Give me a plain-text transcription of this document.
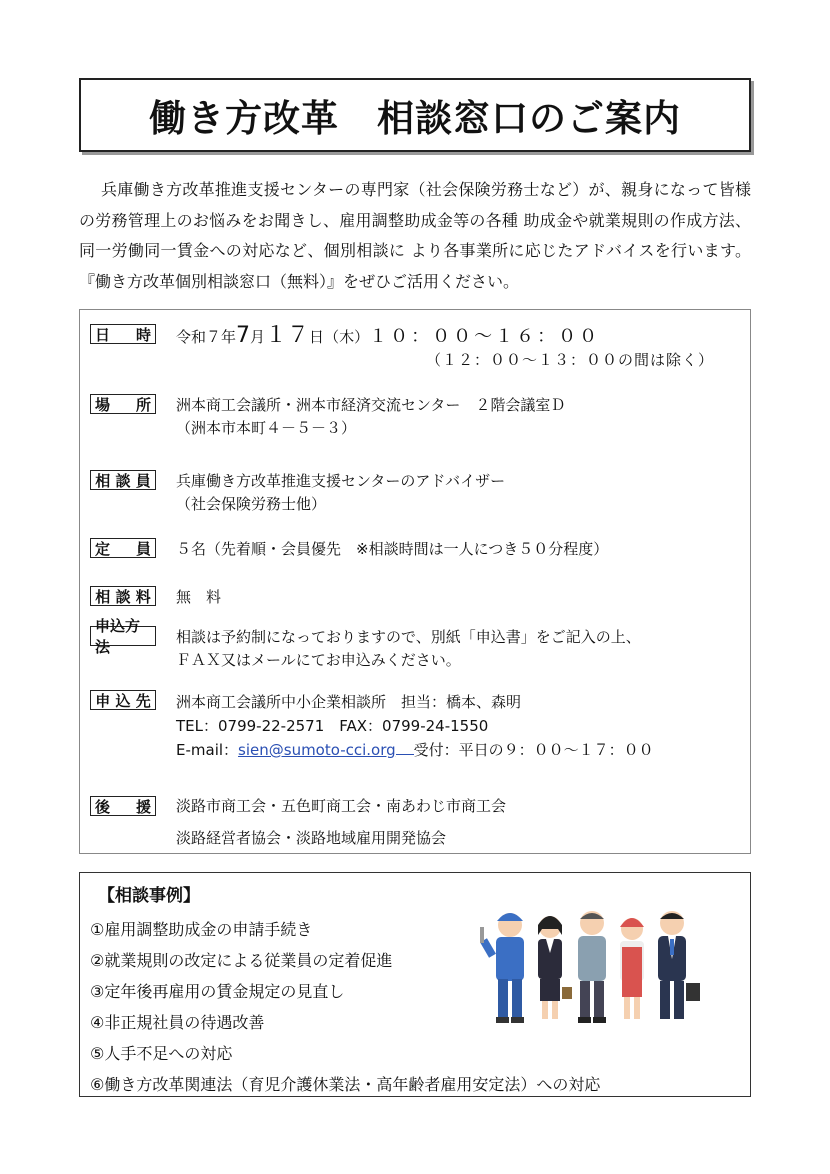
働き方改革　相談窓口のご案内
兵庫働き方改革推進支援センターの専門家（社会保険労務士など）が、親身になって皆様の労務管理上のお悩みをお聞きし、雇用調整助成金等の各種 助成金や就業規則の作成方法、同一労働同一賃金への対応など、個別相談に より各事業所に応じたアドバイスを行います。『働き方改革個別相談窓口（無料）』をぜひご活用ください。
日 時 令和７年7月１７日（木）１０：００～１６：００
（１２：００～１３：００の間は除く）
場 所 洲本商工会議所・洲本市経済交流センター　２階会議室Ｄ
（洲本市本町４－５－３）
相 談 員	兵庫働き方改革推進支援センターのアドバイザー
（社会保険労務士他）
定 員 ５名（先着順・会員優先　※相談時間は一人につき５０分程度）
相 談 料	無　料
申込方法
相談は予約制になっておりますので、別紙「申込書」をご記入の上、
ＦＡＸ又はメールにてお申込みください。
申 込 先	洲本商工会議所中小企業相談所　担当：橋本、森明
TEL：0799-22-2571　FAX：0799-24-1550
E-mail：sien@sumoto-cci.org 受付：平日の９：００～１７：００
後 援 淡路市商工会・五色町商工会・南あわじ市商工会
淡路経営者協会・淡路地域雇用開発協会
【相談事例】
①雇用調整助成金の申請手続き
②就業規則の改定による従業員の定着促進
③定年後再雇用の賃金規定の見直し
④非正規社員の待遇改善
⑤人手不足への対応
⑥働き方改革関連法（育児介護休業法・高年齢者雇用安定法）への対応
